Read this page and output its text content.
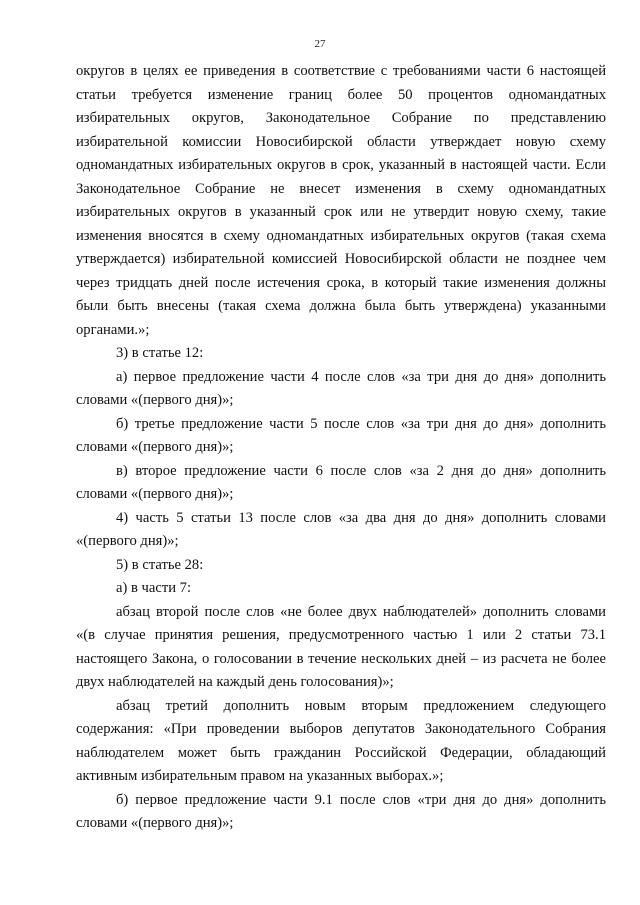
27

округов в целях ее приведения в соответствие с требованиями части 6 настоящей статьи требуется изменение границ более 50 процентов одномандатных избирательных округов, Законодательное Собрание по представлению избирательной комиссии Новосибирской области утверждает новую схему одномандатных избирательных округов в срок, указанный в настоящей части. Если Законодательное Собрание не внесет изменения в схему одномандатных избирательных округов в указанный срок или не утвердит новую схему, такие изменения вносятся в схему одномандатных избирательных округов (такая схема утверждается) избирательной комиссией Новосибирской области не позднее чем через тридцать дней после истечения срока, в который такие изменения должны были быть внесены (такая схема должна была быть утверждена) указанными органами.»;

3) в статье 12:

а) первое предложение части 4 после слов «за три дня до дня» дополнить словами «(первого дня)»;

б) третье предложение части 5 после слов «за три дня до дня» дополнить словами «(первого дня)»;

в) второе предложение части 6 после слов «за 2 дня до дня» дополнить словами «(первого дня)»;

4) часть 5 статьи 13 после слов «за два дня до дня» дополнить словами «(первого дня)»;

5) в статье 28:

а) в части 7:

абзац второй после слов «не более двух наблюдателей» дополнить словами «(в случае принятия решения, предусмотренного частью 1 или 2 статьи 73.1 настоящего Закона, о голосовании в течение нескольких дней – из расчета не более двух наблюдателей на каждый день голосования)»;

абзац третий дополнить новым вторым предложением следующего содержания: «При проведении выборов депутатов Законодательного Собрания наблюдателем может быть гражданин Российской Федерации, обладающий активным избирательным правом на указанных выборах.»;

б) первое предложение части 9.1 после слов «три дня до дня» дополнить словами «(первого дня)»;
